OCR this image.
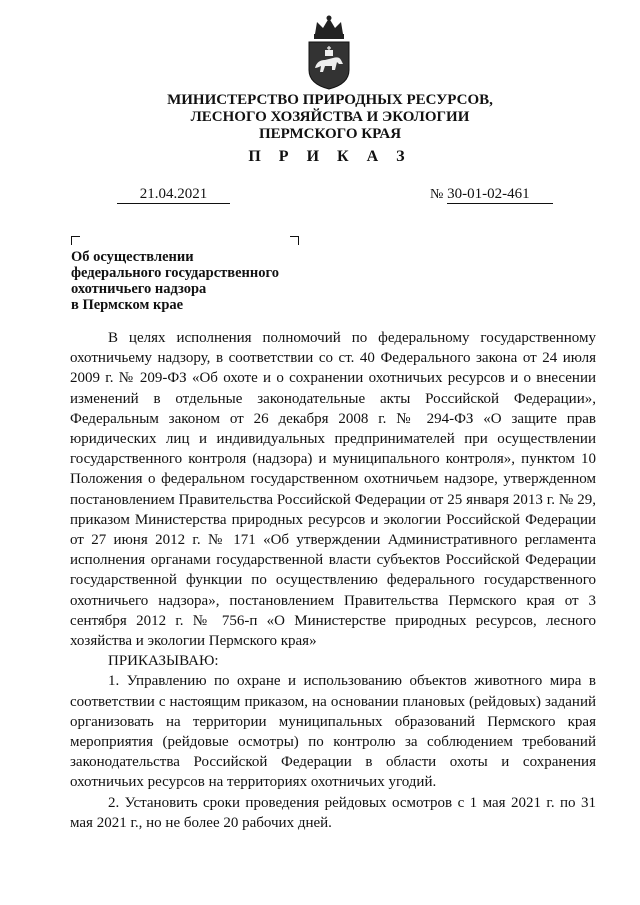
МИНИСТЕРСТВО ПРИРОДНЫХ РЕСУРСОВ,
ЛЕСНОГО ХОЗЯЙСТВА И ЭКОЛОГИИ
ПЕРМСКОГО КРАЯ
П Р И К А З
21.04.2021	№ 30-01-02-461
Об осуществлении
федерального государственного
охотничьего надзора
в Пермском крае

В целях исполнения полномочий по федеральному государственному охотничьему надзору, в соответствии со ст. 40 Федерального закона от 24 июля 2009 г. № 209-ФЗ «Об охоте и о сохранении охотничьих ресурсов и о внесении изменений в отдельные законодательные акты Российской Федерации», Федеральным законом от 26 декабря 2008 г. № 294-ФЗ «О защите прав юридических лиц и индивидуальных предпринимателей при осуществлении государственного контроля (надзора) и муниципального контроля», пунктом 10 Положения о федеральном государственном охотничьем надзоре, утвержденном постановлением Правительства Российской Федерации от 25 января 2013 г. № 29, приказом Министерства природных ресурсов и экологии Российской Федерации от 27 июня 2012 г. № 171 «Об утверждении Административного регламента исполнения органами государственной власти субъектов Российской Федерации государственной функции по осуществлению федерального государственного охотничьего надзора», постановлением Правительства Пермского края от 3 сентября 2012 г. № 756-п «О Министерстве природных ресурсов, лесного хозяйства и экологии Пермского края»

ПРИКАЗЫВАЮ:

1. Управлению по охране и использованию объектов животного мира в соответствии с настоящим приказом, на основании плановых (рейдовых) заданий организовать на территории муниципальных образований Пермского края мероприятия (рейдовые осмотры) по контролю за соблюдением требований законодательства Российской Федерации в области охоты и сохранения охотничьих ресурсов на территориях охотничьих угодий.

2. Установить сроки проведения рейдовых осмотров с 1 мая 2021 г. по 31 мая 2021 г., но не более 20 рабочих дней.
